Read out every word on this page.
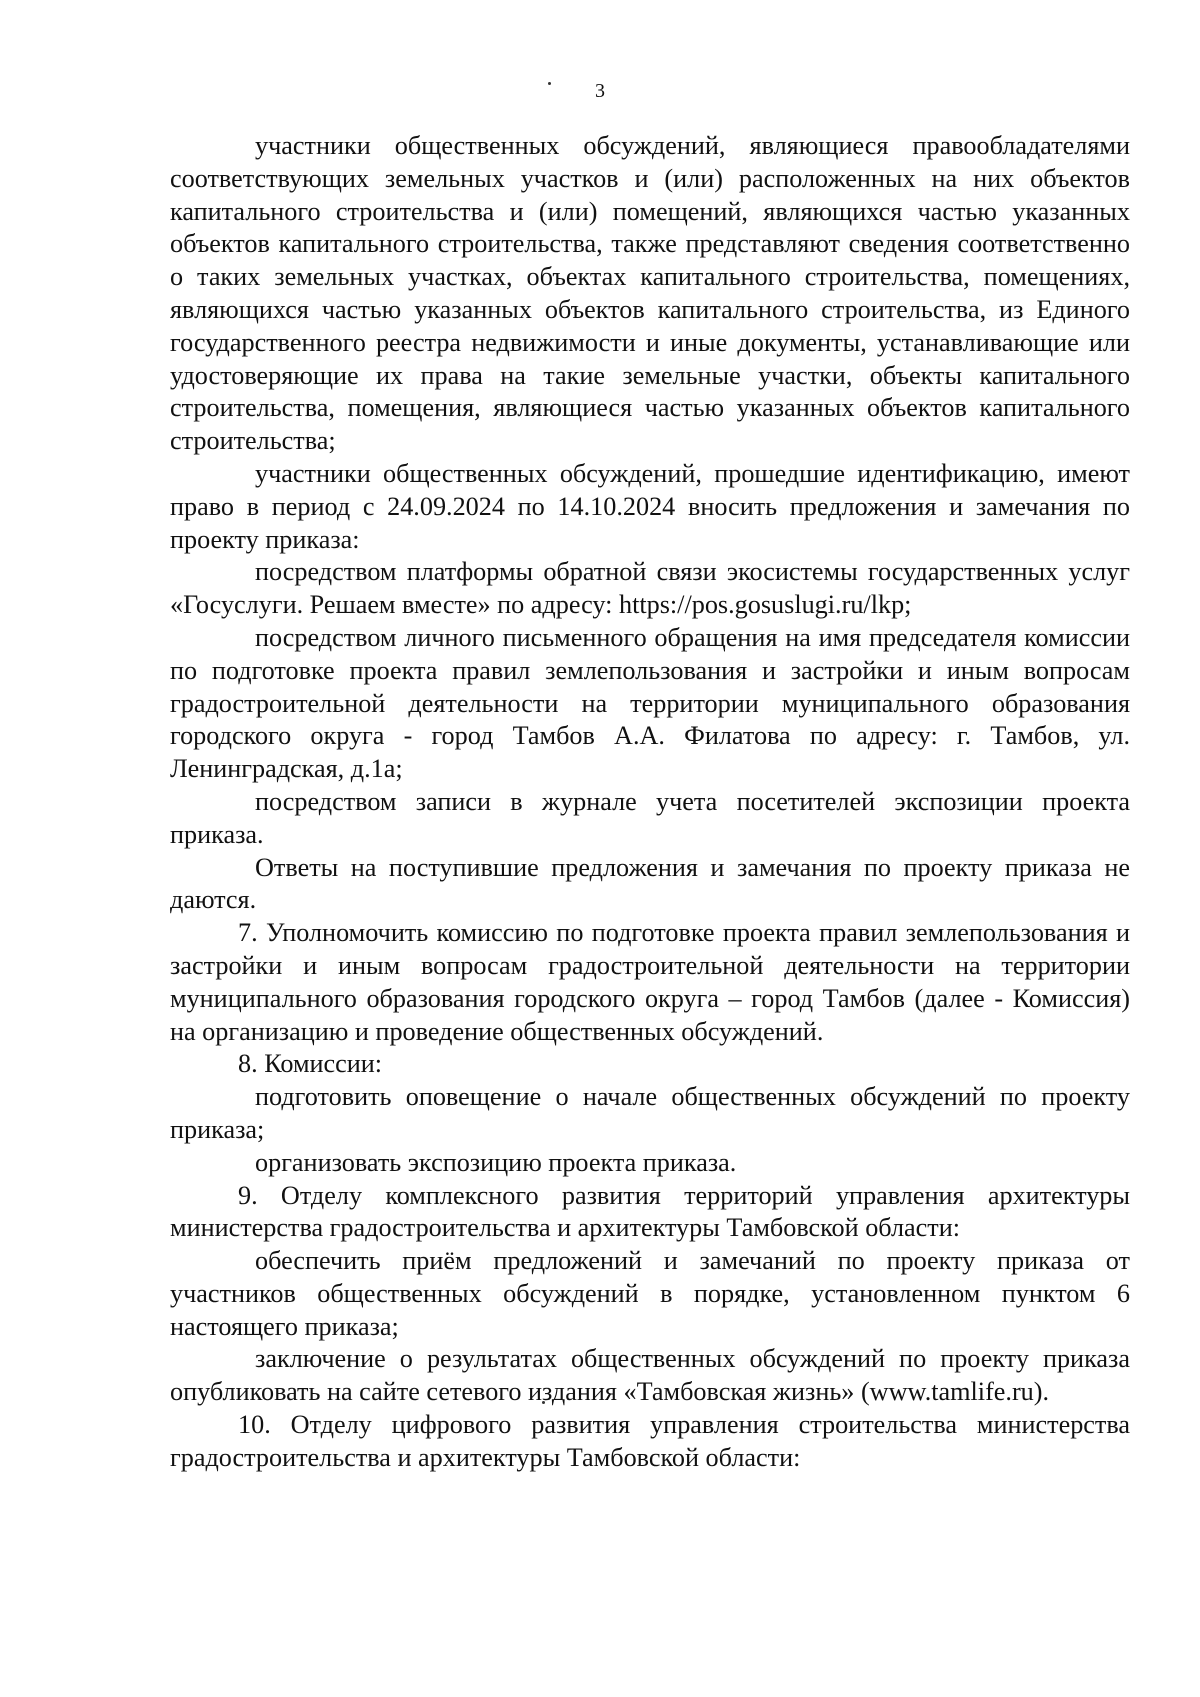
3

участники общественных обсуждений, являющиеся правообладателями соответствующих земельных участков и (или) расположенных на них объектов капитального строительства и (или) помещений, являющихся частью указанных объектов капитального строительства, также представляют сведения соответственно о таких земельных участках, объектах капитального строительства, помещениях, являющихся частью указанных объектов капитального строительства, из Единого государственного реестра недвижимости и иные документы, устанавливающие или удостоверяющие их права на такие земельные участки, объекты капитального строительства, помещения, являющиеся частью указанных объектов капитального строительства;

участники общественных обсуждений, прошедшие идентификацию, имеют право в период с 24.09.2024 по 14.10.2024 вносить предложения и замечания по проекту приказа:

посредством платформы обратной связи экосистемы государственных услуг «Госуслуги. Решаем вместе» по адресу: https://pos.gosuslugi.ru/lkp;

посредством личного письменного обращения на имя председателя комиссии по подготовке проекта правил землепользования и застройки и иным вопросам градостроительной деятельности на территории муниципального образования городского округа - город Тамбов А.А. Филатова по адресу: г. Тамбов, ул. Ленинградская, д.1а;

посредством записи в журнале учета посетителей экспозиции проекта приказа.

Ответы на поступившие предложения и замечания по проекту приказа не даются.

7. Уполномочить комиссию по подготовке проекта правил землепользования и застройки и иным вопросам градостроительной деятельности на территории муниципального образования городского округа – город Тамбов (далее - Комиссия) на организацию и проведение общественных обсуждений.

8. Комиссии:

подготовить оповещение о начале общественных обсуждений по проекту приказа;

организовать экспозицию проекта приказа.

9. Отделу комплексного развития территорий управления архитектуры министерства градостроительства и архитектуры Тамбовской области:

обеспечить приём предложений и замечаний по проекту приказа от участников общественных обсуждений в порядке, установленном пунктом 6 настоящего приказа;

заключение о результатах общественных обсуждений по проекту приказа опубликовать на сайте сетевого издания «Тамбовская жизнь» (www.tamlife.ru).

10. Отделу цифрового развития управления строительства министерства градостроительства и архитектуры Тамбовской области:
